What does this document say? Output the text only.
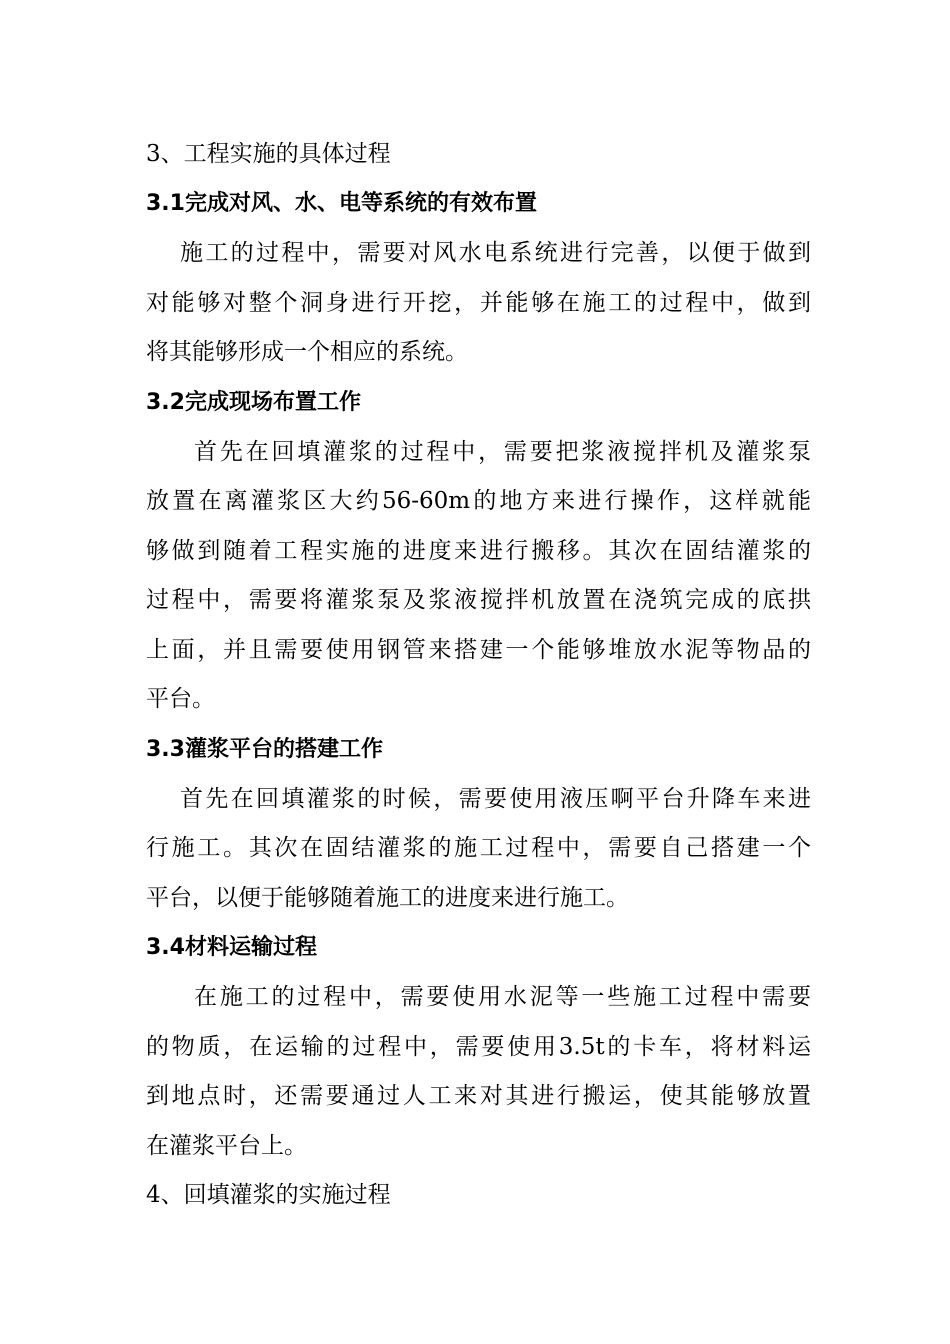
3、工程实施的具体过程
3.1完成对风、水、电等系统的有效布置
施工的过程中，需要对风水电系统进行完善，以便于做到
对能够对整个洞身进行开挖，并能够在施工的过程中，做到
将其能够形成一个相应的系统。
3.2完成现场布置工作
首先在回填灌浆的过程中，需要把浆液搅拌机及灌浆泵
放置在离灌浆区大约56-60m的地方来进行操作，这样就能
够做到随着工程实施的进度来进行搬移。其次在固结灌浆的
过程中，需要将灌浆泵及浆液搅拌机放置在浇筑完成的底拱
上面，并且需要使用钢管来搭建一个能够堆放水泥等物品的
平台。
3.3灌浆平台的搭建工作
首先在回填灌浆的时候，需要使用液压啊平台升降车来进
行施工。其次在固结灌浆的施工过程中，需要自己搭建一个
平台，以便于能够随着施工的进度来进行施工。
3.4材料运输过程
在施工的过程中，需要使用水泥等一些施工过程中需要
的物质，在运输的过程中，需要使用3.5t的卡车，将材料运
到地点时，还需要通过人工来对其进行搬运，使其能够放置
在灌浆平台上。
4、回填灌浆的实施过程
